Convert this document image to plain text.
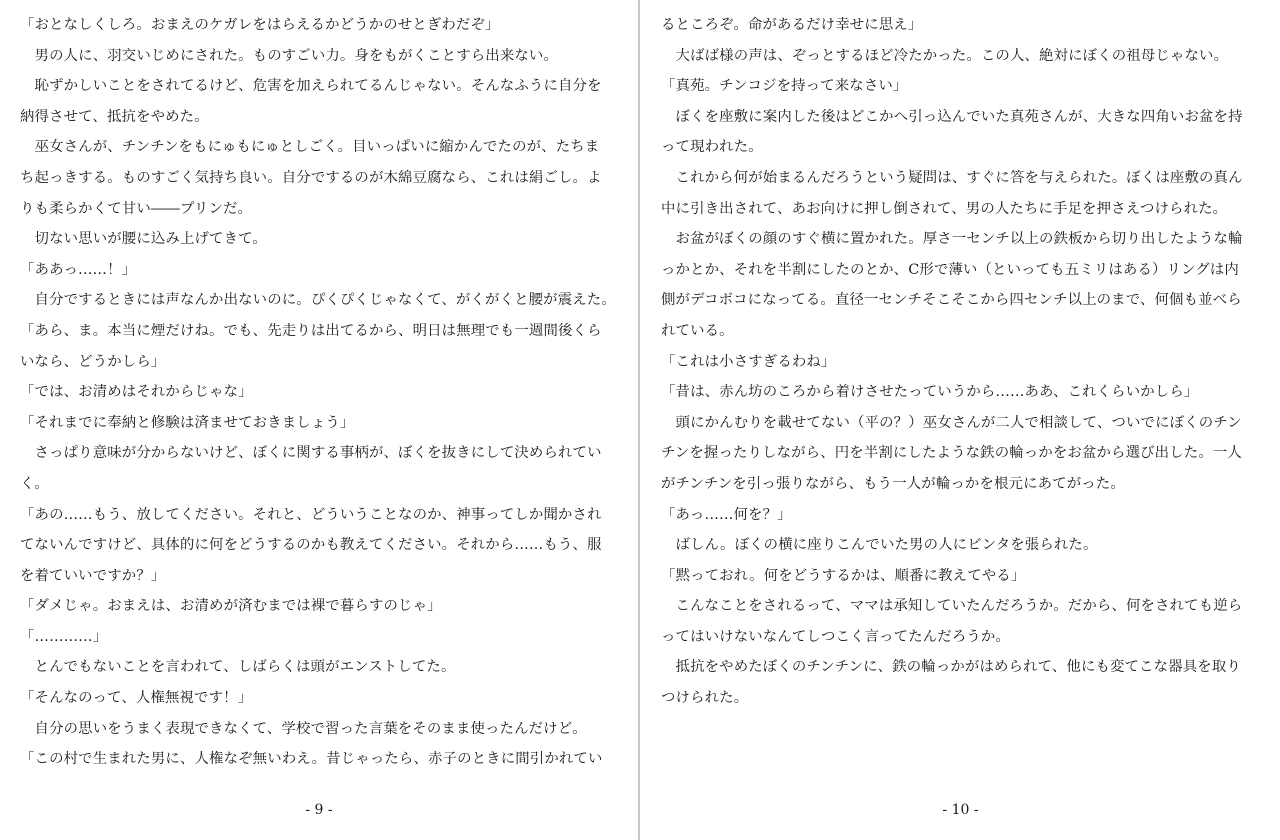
「おとなしくしろ。おまえのケガレをはらえるかどうかのせとぎわだぞ」
　男の人に、羽交いじめにされた。ものすごい力。身をもがくことすら出来ない。
　恥ずかしいことをされてるけど、危害を加えられてるんじゃない。そんなふうに自分を
納得させて、抵抗をやめた。
　巫女さんが、チンチンをもにゅもにゅとしごく。目いっぱいに縮かんでたのが、たちま
ち起っきする。ものすごく気持ち良い。自分でするのが木綿豆腐なら、これは絹ごし。よ
りも柔らかくて甘い――プリンだ。
　切ない思いが腰に込み上げてきて。
「ああっ……！」
　自分でするときには声なんか出ないのに。ぴくぴくじゃなくて、がくがくと腰が震えた。
「あら、ま。本当に煙だけね。でも、先走りは出てるから、明日は無理でも一週間後くら
いなら、どうかしら」
「では、お清めはそれからじゃな」
「それまでに奉納と修験は済ませておきましょう」
　さっぱり意味が分からないけど、ぼくに関する事柄が、ぼくを抜きにして決められてい
く。
「あの……もう、放してください。それと、どういうことなのか、神事ってしか聞かされ
てないんですけど、具体的に何をどうするのかも教えてください。それから……もう、服
を着ていいですか？」
「ダメじゃ。おまえは、お清めが済むまでは裸で暮らすのじゃ」
「…………」
　とんでもないことを言われて、しばらくは頭がエンストしてた。
「そんなのって、人権無視です！」
　自分の思いをうまく表現できなくて、学校で習った言葉をそのまま使ったんだけど。
「この村で生まれた男に、人権なぞ無いわえ。昔じゃったら、赤子のときに間引かれてい
- 9 -
るところぞ。命があるだけ幸せに思え」
　大ばば様の声は、ぞっとするほど冷たかった。この人、絶対にぼくの祖母じゃない。
「真苑。チンコジを持って来なさい」
　ぼくを座敷に案内した後はどこかへ引っ込んでいた真苑さんが、大きな四角いお盆を持
って現われた。
　これから何が始まるんだろうという疑問は、すぐに答を与えられた。ぼくは座敷の真ん
中に引き出されて、あお向けに押し倒されて、男の人たちに手足を押さえつけられた。
　お盆がぼくの顔のすぐ横に置かれた。厚さ一センチ以上の鉄板から切り出したような輪
っかとか、それを半割にしたのとか、C形で薄い（といっても五ミリはある）リングは内
側がデコボコになってる。直径一センチそこそこから四センチ以上のまで、何個も並べら
れている。
「これは小さすぎるわね」
「昔は、赤ん坊のころから着けさせたっていうから……ああ、これくらいかしら」
　頭にかんむりを載せてない（平の？）巫女さんが二人で相談して、ついでにぼくのチン
チンを握ったりしながら、円を半割にしたような鉄の輪っかをお盆から選び出した。一人
がチンチンを引っ張りながら、もう一人が輪っかを根元にあてがった。
「あっ……何を？」
　ばしん。ぼくの横に座りこんでいた男の人にビンタを張られた。
「黙っておれ。何をどうするかは、順番に教えてやる」
　こんなことをされるって、ママは承知していたんだろうか。だから、何をされても逆ら
ってはいけないなんてしつこく言ってたんだろうか。
　抵抗をやめたぼくのチンチンに、鉄の輪っかがはめられて、他にも変てこな器具を取り
つけられた。
- 10 -
